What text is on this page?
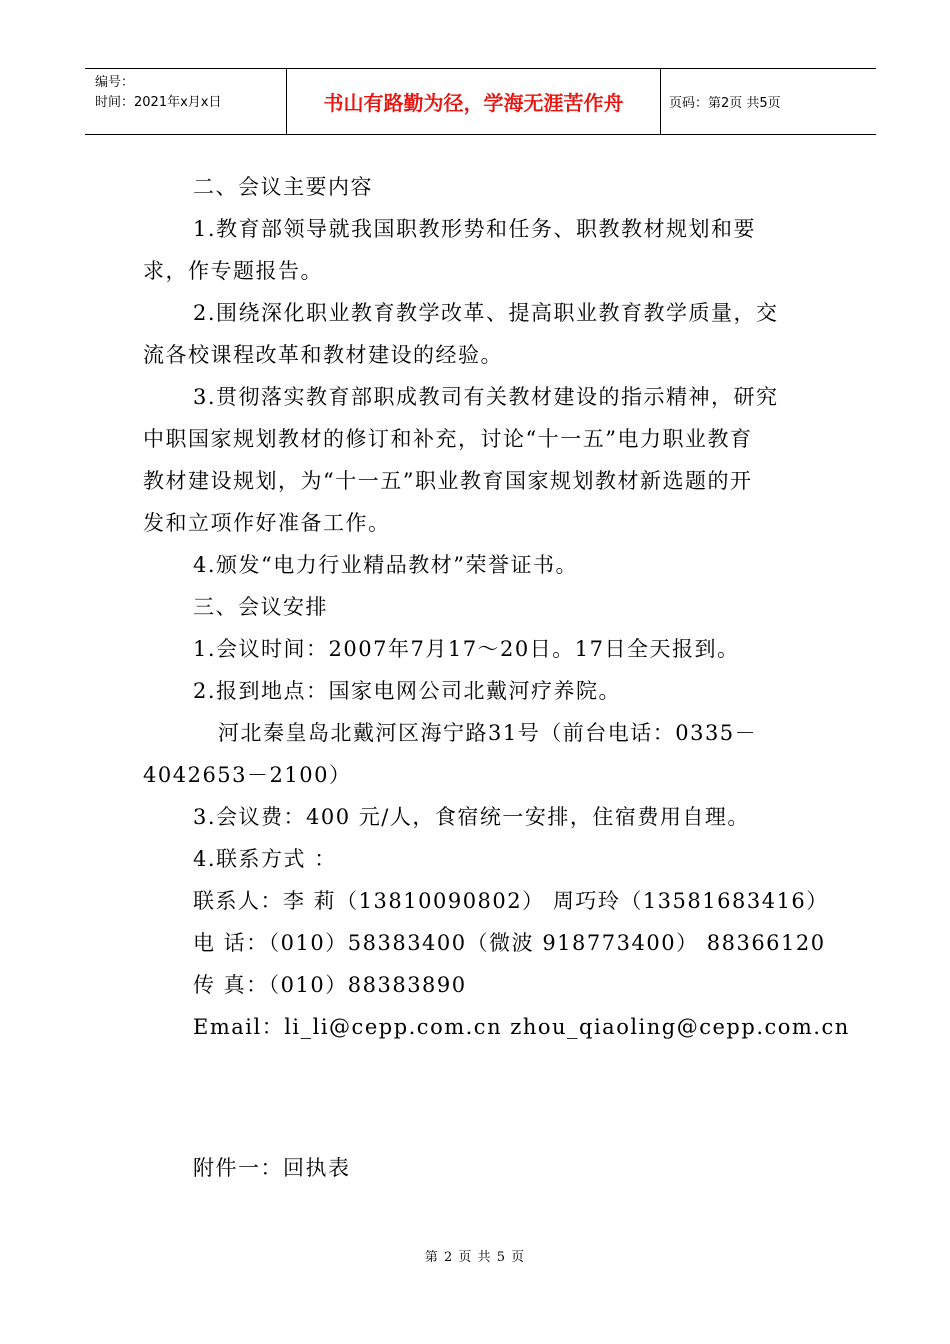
编号：
时间：2021年x月x日	书山有路勤为径，学海无涯苦作舟	页码：第2页 共5页
二、会议主要内容
1.教育部领导就我国职教形势和任务、职教教材规划和要
求，作专题报告。
2.围绕深化职业教育教学改革、提高职业教育教学质量，交
流各校课程改革和教材建设的经验。
3.贯彻落实教育部职成教司有关教材建设的指示精神，研究
中职国家规划教材的修订和补充，讨论“十一五”电力职业教育
教材建设规划，为“十一五”职业教育国家规划教材新选题的开
发和立项作好准备工作。
4.颁发“电力行业精品教材”荣誉证书。
三、会议安排
1.会议时间：2007年7月17～20日。17日全天报到。
2.报到地点：国家电网公司北戴河疗养院。
河北秦皇岛北戴河区海宁路31号（前台电话：0335－
4042653－2100）
3.会议费：400 元/人，食宿统一安排，住宿费用自理。
4.联系方式 ：
联系人：李 莉（13810090802） 周巧玲（13581683416）
电 话：（010）58383400（微波 918773400） 88366120
传 真：（010）88383890
Email：li_li@cepp.com.cn zhou_qiaoling@cepp.com.cn
附件一：回执表
第 2 页 共 5 页
